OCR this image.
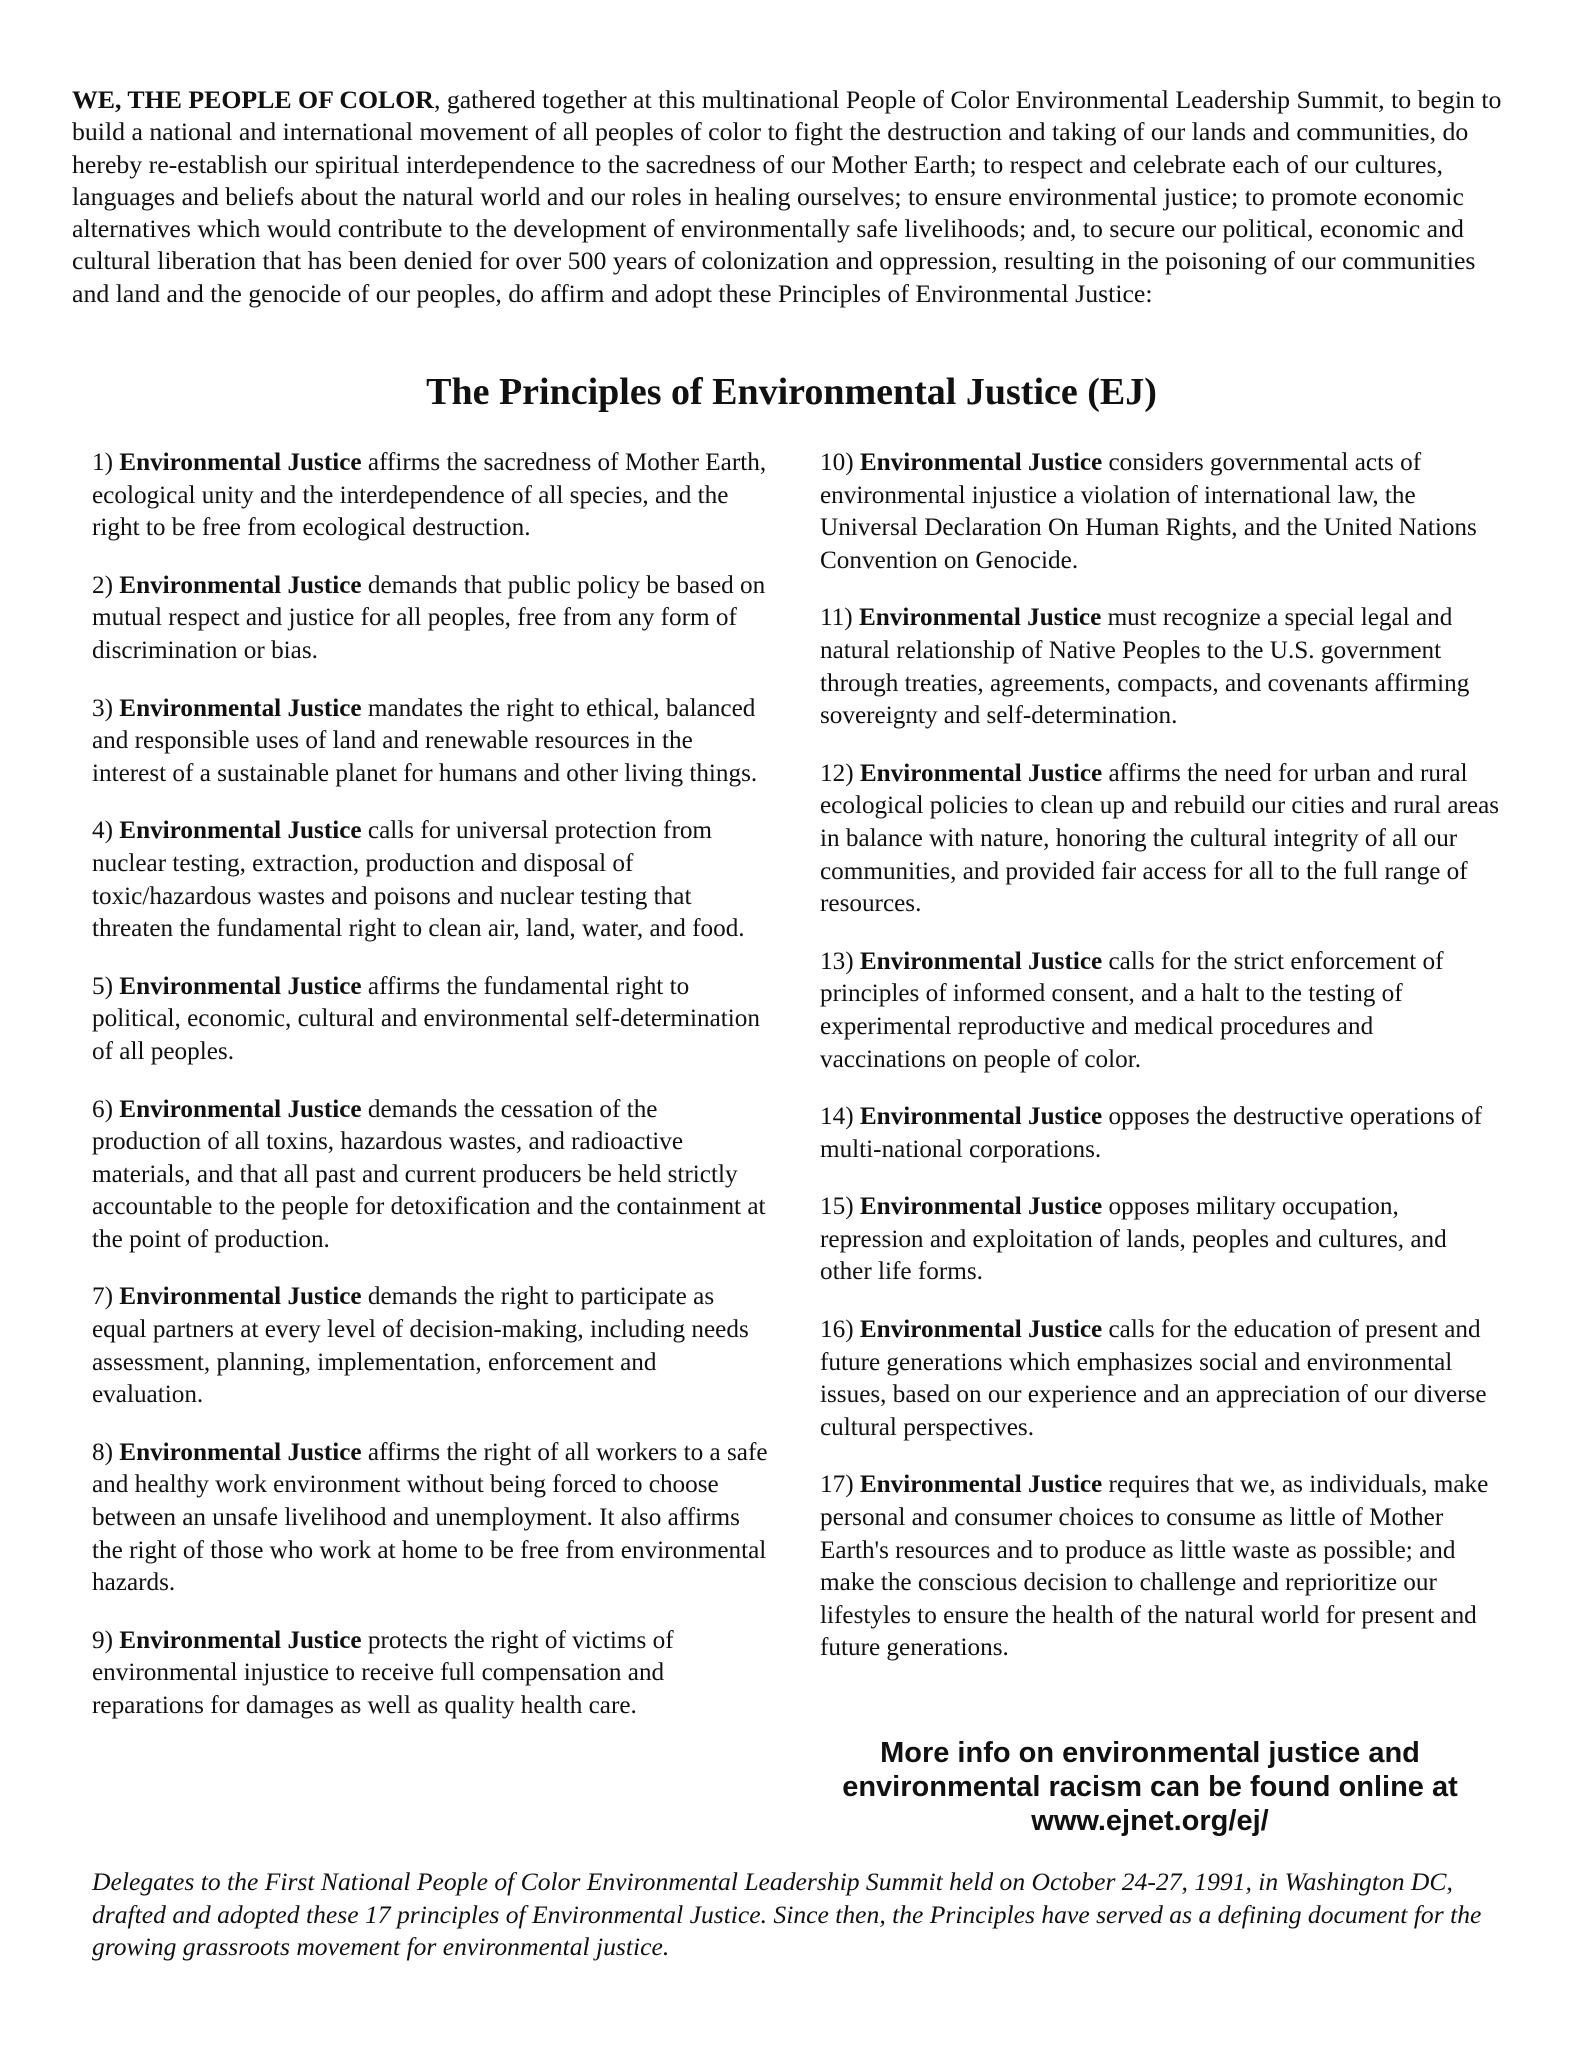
WE, THE PEOPLE OF COLOR, gathered together at this multinational People of Color Environmental Leadership Summit, to begin to build a national and international movement of all peoples of color to fight the destruction and taking of our lands and communities, do hereby re-establish our spiritual interdependence to the sacredness of our Mother Earth; to respect and celebrate each of our cultures, languages and beliefs about the natural world and our roles in healing ourselves; to ensure environmental justice; to promote economic alternatives which would contribute to the development of environmentally safe livelihoods; and, to secure our political, economic and cultural liberation that has been denied for over 500 years of colonization and oppression, resulting in the poisoning of our communities and land and the genocide of our peoples, do affirm and adopt these Principles of Environmental Justice:

The Principles of Environmental Justice (EJ)

1) Environmental Justice affirms the sacredness of Mother Earth, ecological unity and the interdependence of all species, and the right to be free from ecological destruction.

2) Environmental Justice demands that public policy be based on mutual respect and justice for all peoples, free from any form of discrimination or bias.

3) Environmental Justice mandates the right to ethical, balanced and responsible uses of land and renewable resources in the interest of a sustainable planet for humans and other living things.

4) Environmental Justice calls for universal protection from nuclear testing, extraction, production and disposal of toxic/hazardous wastes and poisons and nuclear testing that threaten the fundamental right to clean air, land, water, and food.

5) Environmental Justice affirms the fundamental right to political, economic, cultural and environmental self-determination of all peoples.

6) Environmental Justice demands the cessation of the production of all toxins, hazardous wastes, and radioactive materials, and that all past and current producers be held strictly accountable to the people for detoxification and the containment at the point of production.

7) Environmental Justice demands the right to participate as equal partners at every level of decision-making, including needs assessment, planning, implementation, enforcement and evaluation.

8) Environmental Justice affirms the right of all workers to a safe and healthy work environment without being forced to choose between an unsafe livelihood and unemployment. It also affirms the right of those who work at home to be free from environmental hazards.

9) Environmental Justice protects the right of victims of environmental injustice to receive full compensation and reparations for damages as well as quality health care.

10) Environmental Justice considers governmental acts of environmental injustice a violation of international law, the Universal Declaration On Human Rights, and the United Nations Convention on Genocide.

11) Environmental Justice must recognize a special legal and natural relationship of Native Peoples to the U.S. government through treaties, agreements, compacts, and covenants affirming sovereignty and self-determination.

12) Environmental Justice affirms the need for urban and rural ecological policies to clean up and rebuild our cities and rural areas in balance with nature, honoring the cultural integrity of all our communities, and provided fair access for all to the full range of resources.

13) Environmental Justice calls for the strict enforcement of principles of informed consent, and a halt to the testing of experimental reproductive and medical procedures and vaccinations on people of color.

14) Environmental Justice opposes the destructive operations of multi-national corporations.

15) Environmental Justice opposes military occupation, repression and exploitation of lands, peoples and cultures, and other life forms.

16) Environmental Justice calls for the education of present and future generations which emphasizes social and environmental issues, based on our experience and an appreciation of our diverse cultural perspectives.

17) Environmental Justice requires that we, as individuals, make personal and consumer choices to consume as little of Mother Earth's resources and to produce as little waste as possible; and make the conscious decision to challenge and reprioritize our lifestyles to ensure the health of the natural world for present and future generations.

More info on environmental justice and
environmental racism can be found online at
www.ejnet.org/ej/

Delegates to the First National People of Color Environmental Leadership Summit held on October 24-27, 1991, in Washington DC, drafted and adopted these 17 principles of Environmental Justice. Since then, the Principles have served as a defining document for the growing grassroots movement for environmental justice.
